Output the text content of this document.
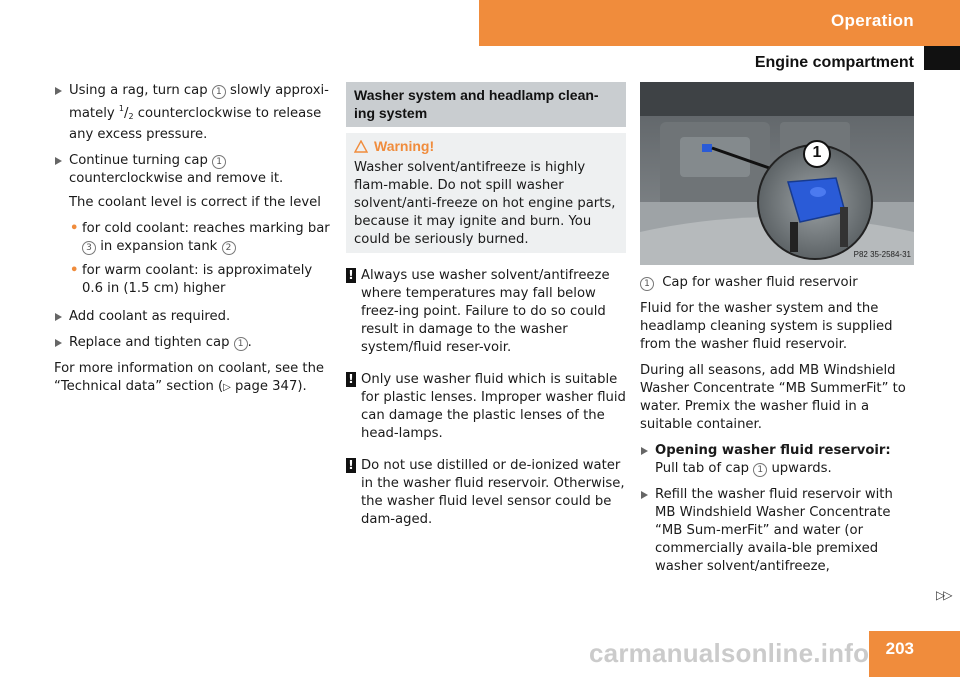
Operation
Engine compartment
Using a rag, turn cap 1 slowly approxi-mately $^1/_2$ counterclockwise to release any excess pressure.
Continue turning cap 1 counterclockwise and remove it.
The coolant level is correct if the level
• for cold coolant: reaches marking bar 3 in expansion tank 2
• for warm coolant: is approximately 0.6 in (1.5 cm) higher
Add coolant as required.
Replace and tighten cap 1 .

For more information on coolant, see the “Technical data” section (▷ page 347).

Washer system and headlamp clean-ing system
Warning!
Washer solvent/antifreeze is highly flam-mable. Do not spill washer solvent/anti-freeze on hot engine parts, because it may ignite and burn. You could be seriously burned.
! Always use washer solvent/antifreeze where temperatures may fall below freez-ing point. Failure to do so could result in damage to the washer system/fluid reser-voir.
! Only use washer fluid which is suitable for plastic lenses. Improper washer fluid can damage the plastic lenses of the head-lamps.
! Do not use distilled or de-ionized water in the washer fluid reservoir. Otherwise, the washer fluid level sensor could be dam-aged.
1
P82 35-2584-31

1 Cap for washer fluid reservoir

Fluid for the washer system and the headlamp cleaning system is supplied from the washer fluid reservoir.

During all seasons, add MB Windshield Washer Concentrate “MB SummerFit” to water. Premix the washer fluid in a suitable container.

Opening washer fluid reservoir: Pull tab of cap 1 upwards.
Refill the washer fluid reservoir with MB Windshield Washer Concentrate “MB Sum-merFit” and water (or commercially availa-ble premixed washer solvent/antifreeze,
▷▷
carmanualsonline.info 203
